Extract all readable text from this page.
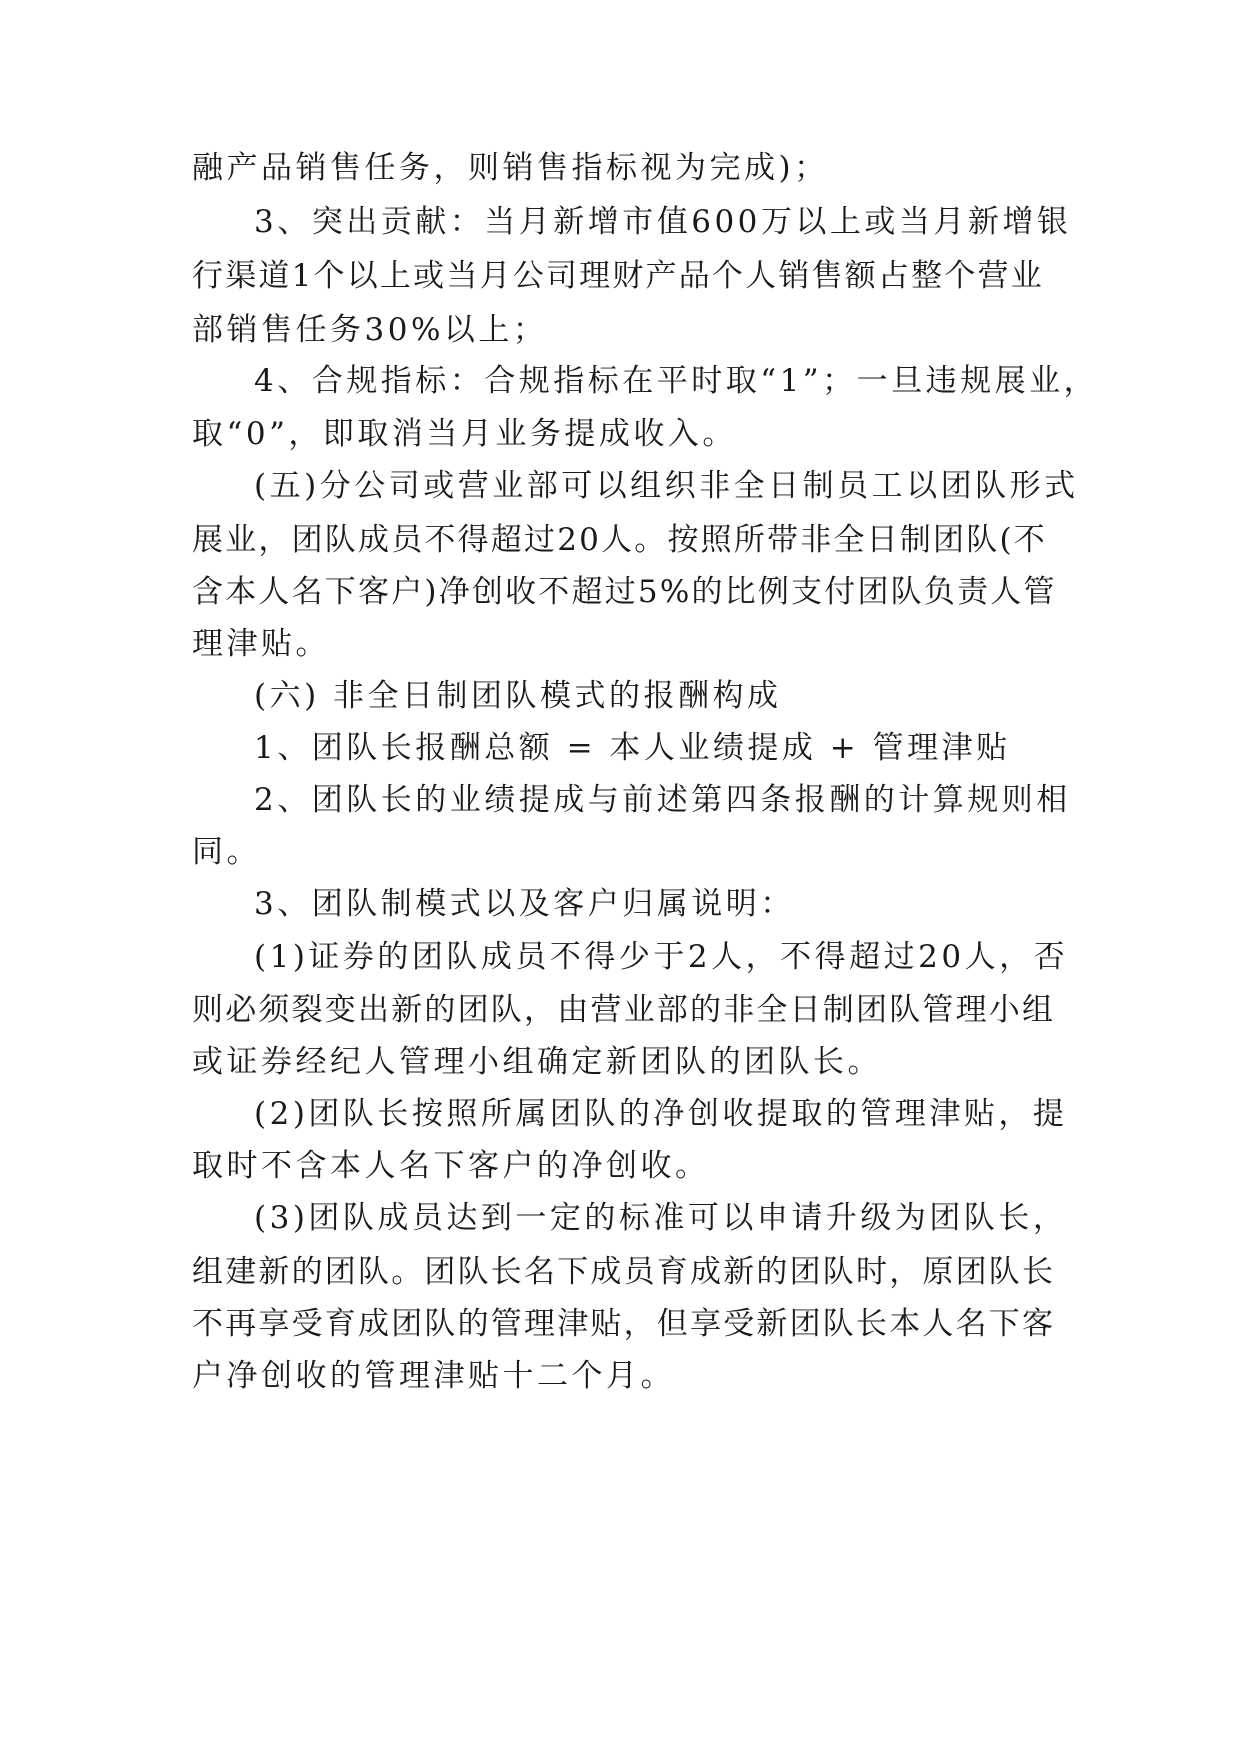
融产品销售任务，则销售指标视为完成)；
3、突出贡献：当月新增市值600万以上或当月新增银
行渠道1个以上或当月公司理财产品个人销售额占整个营业
部销售任务30%以上；
4、合规指标：合规指标在平时取“1”；一旦违规展业，
取“0”，即取消当月业务提成收入。
(五)分公司或营业部可以组织非全日制员工以团队形式
展业，团队成员不得超过20人。按照所带非全日制团队(不
含本人名下客户)净创收不超过5%的比例支付团队负责人管
理津贴。
(六) 非全日制团队模式的报酬构成
1、团队长报酬总额 = 本人业绩提成 + 管理津贴
2、团队长的业绩提成与前述第四条报酬的计算规则相
同。
3、团队制模式以及客户归属说明：
(1)证券的团队成员不得少于2人，不得超过20人，否
则必须裂变出新的团队，由营业部的非全日制团队管理小组
或证券经纪人管理小组确定新团队的团队长。
(2)团队长按照所属团队的净创收提取的管理津贴，提
取时不含本人名下客户的净创收。
(3)团队成员达到一定的标准可以申请升级为团队长，
组建新的团队。团队长名下成员育成新的团队时，原团队长
不再享受育成团队的管理津贴，但享受新团队长本人名下客
户净创收的管理津贴十二个月。
